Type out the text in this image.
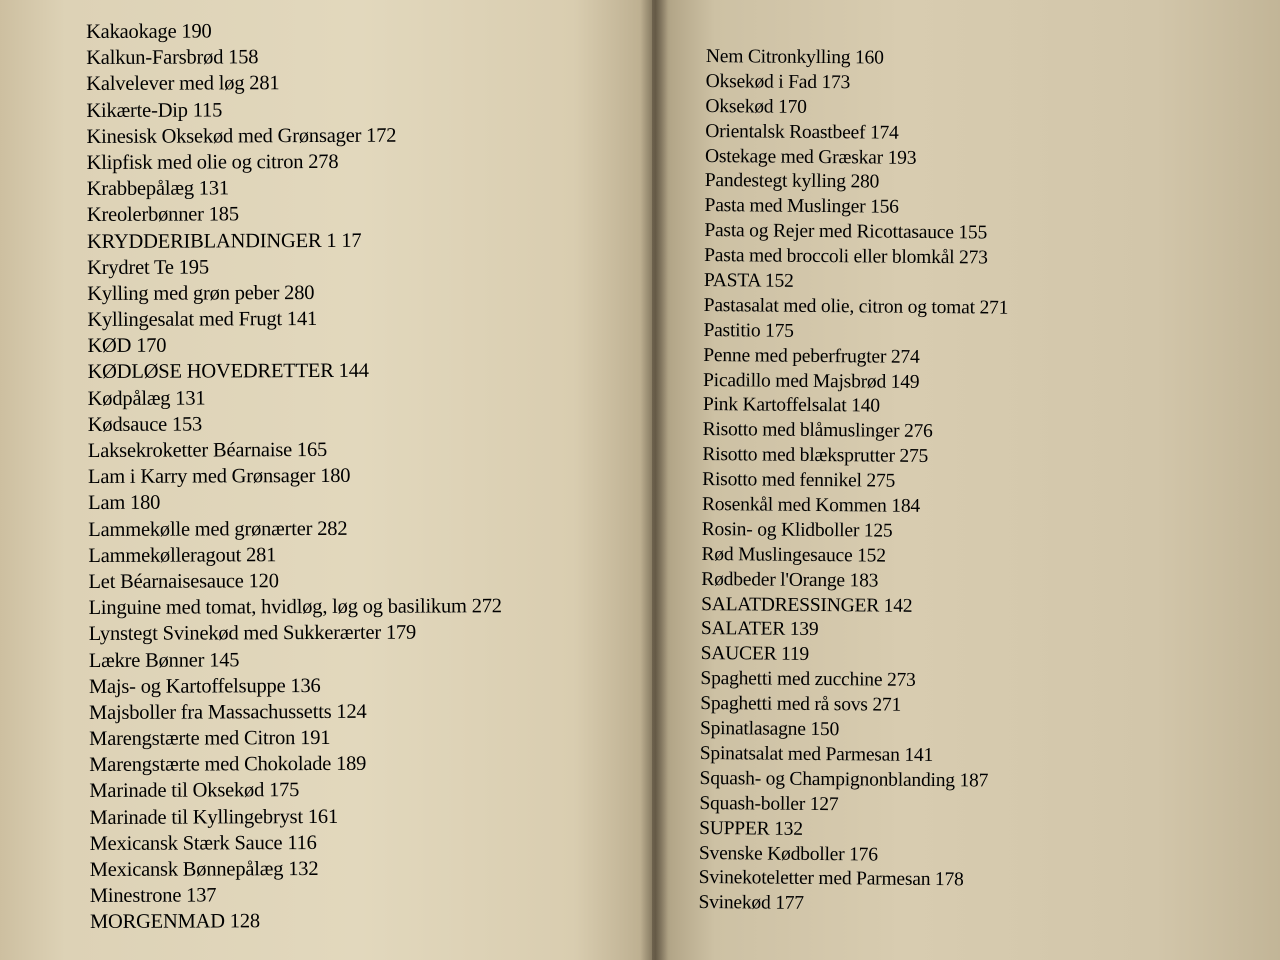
Kakaokage 190
Kalkun-Farsbrød 158
Kalvelever med løg 281
Kikærte-Dip 115
Kinesisk Oksekød med Grønsager 172
Klipfisk med olie og citron 278
Krabbepålæg 131
Kreolerbønner 185
KRYDDERIBLANDINGER 1 17
Krydret Te 195
Kylling med grøn peber 280
Kyllingesalat med Frugt 141
KØD 170
KØDLØSE HOVEDRETTER 144
Kødpålæg 131
Kødsauce 153
Laksekroketter Béarnaise 165
Lam i Karry med Grønsager 180
Lam 180
Lammekølle med grønærter 282
Lammekølleragout 281
Let Béarnaisesauce 120
Linguine med tomat, hvidløg, løg og basilikum 272
Lynstegt Svinekød med Sukkerærter 179
Lækre Bønner 145
Majs- og Kartoffelsuppe 136
Majsboller fra Massachussetts 124
Marengstærte med Citron 191
Marengstærte med Chokolade 189
Marinade til Oksekød 175
Marinade til Kyllingebryst 161
Mexicansk Stærk Sauce 116
Mexicansk Bønnepålæg 132
Minestrone 137
MORGENMAD 128
Nem Citronkylling 160
Oksekød i Fad 173
Oksekød 170
Orientalsk Roastbeef 174
Ostekage med Græskar 193
Pandestegt kylling 280
Pasta med Muslinger 156
Pasta og Rejer med Ricottasauce 155
Pasta med broccoli eller blomkål 273
PASTA 152
Pastasalat med olie, citron og tomat 271
Pastitio 175
Penne med peberfrugter 274
Picadillo med Majsbrød 149
Pink Kartoffelsalat 140
Risotto med blåmuslinger 276
Risotto med blæksprutter 275
Risotto med fennikel 275
Rosenkål med Kommen 184
Rosin- og Klidboller 125
Rød Muslingesauce 152
Rødbeder l'Orange 183
SALATDRESSINGER 142
SALATER 139
SAUCER 119
Spaghetti med zucchine 273
Spaghetti med rå sovs 271
Spinatlasagne 150
Spinatsalat med Parmesan 141
Squash- og Champignonblanding 187
Squash-boller 127
SUPPER 132
Svenske Kødboller 176
Svinekoteletter med Parmesan 178
Svinekød 177
